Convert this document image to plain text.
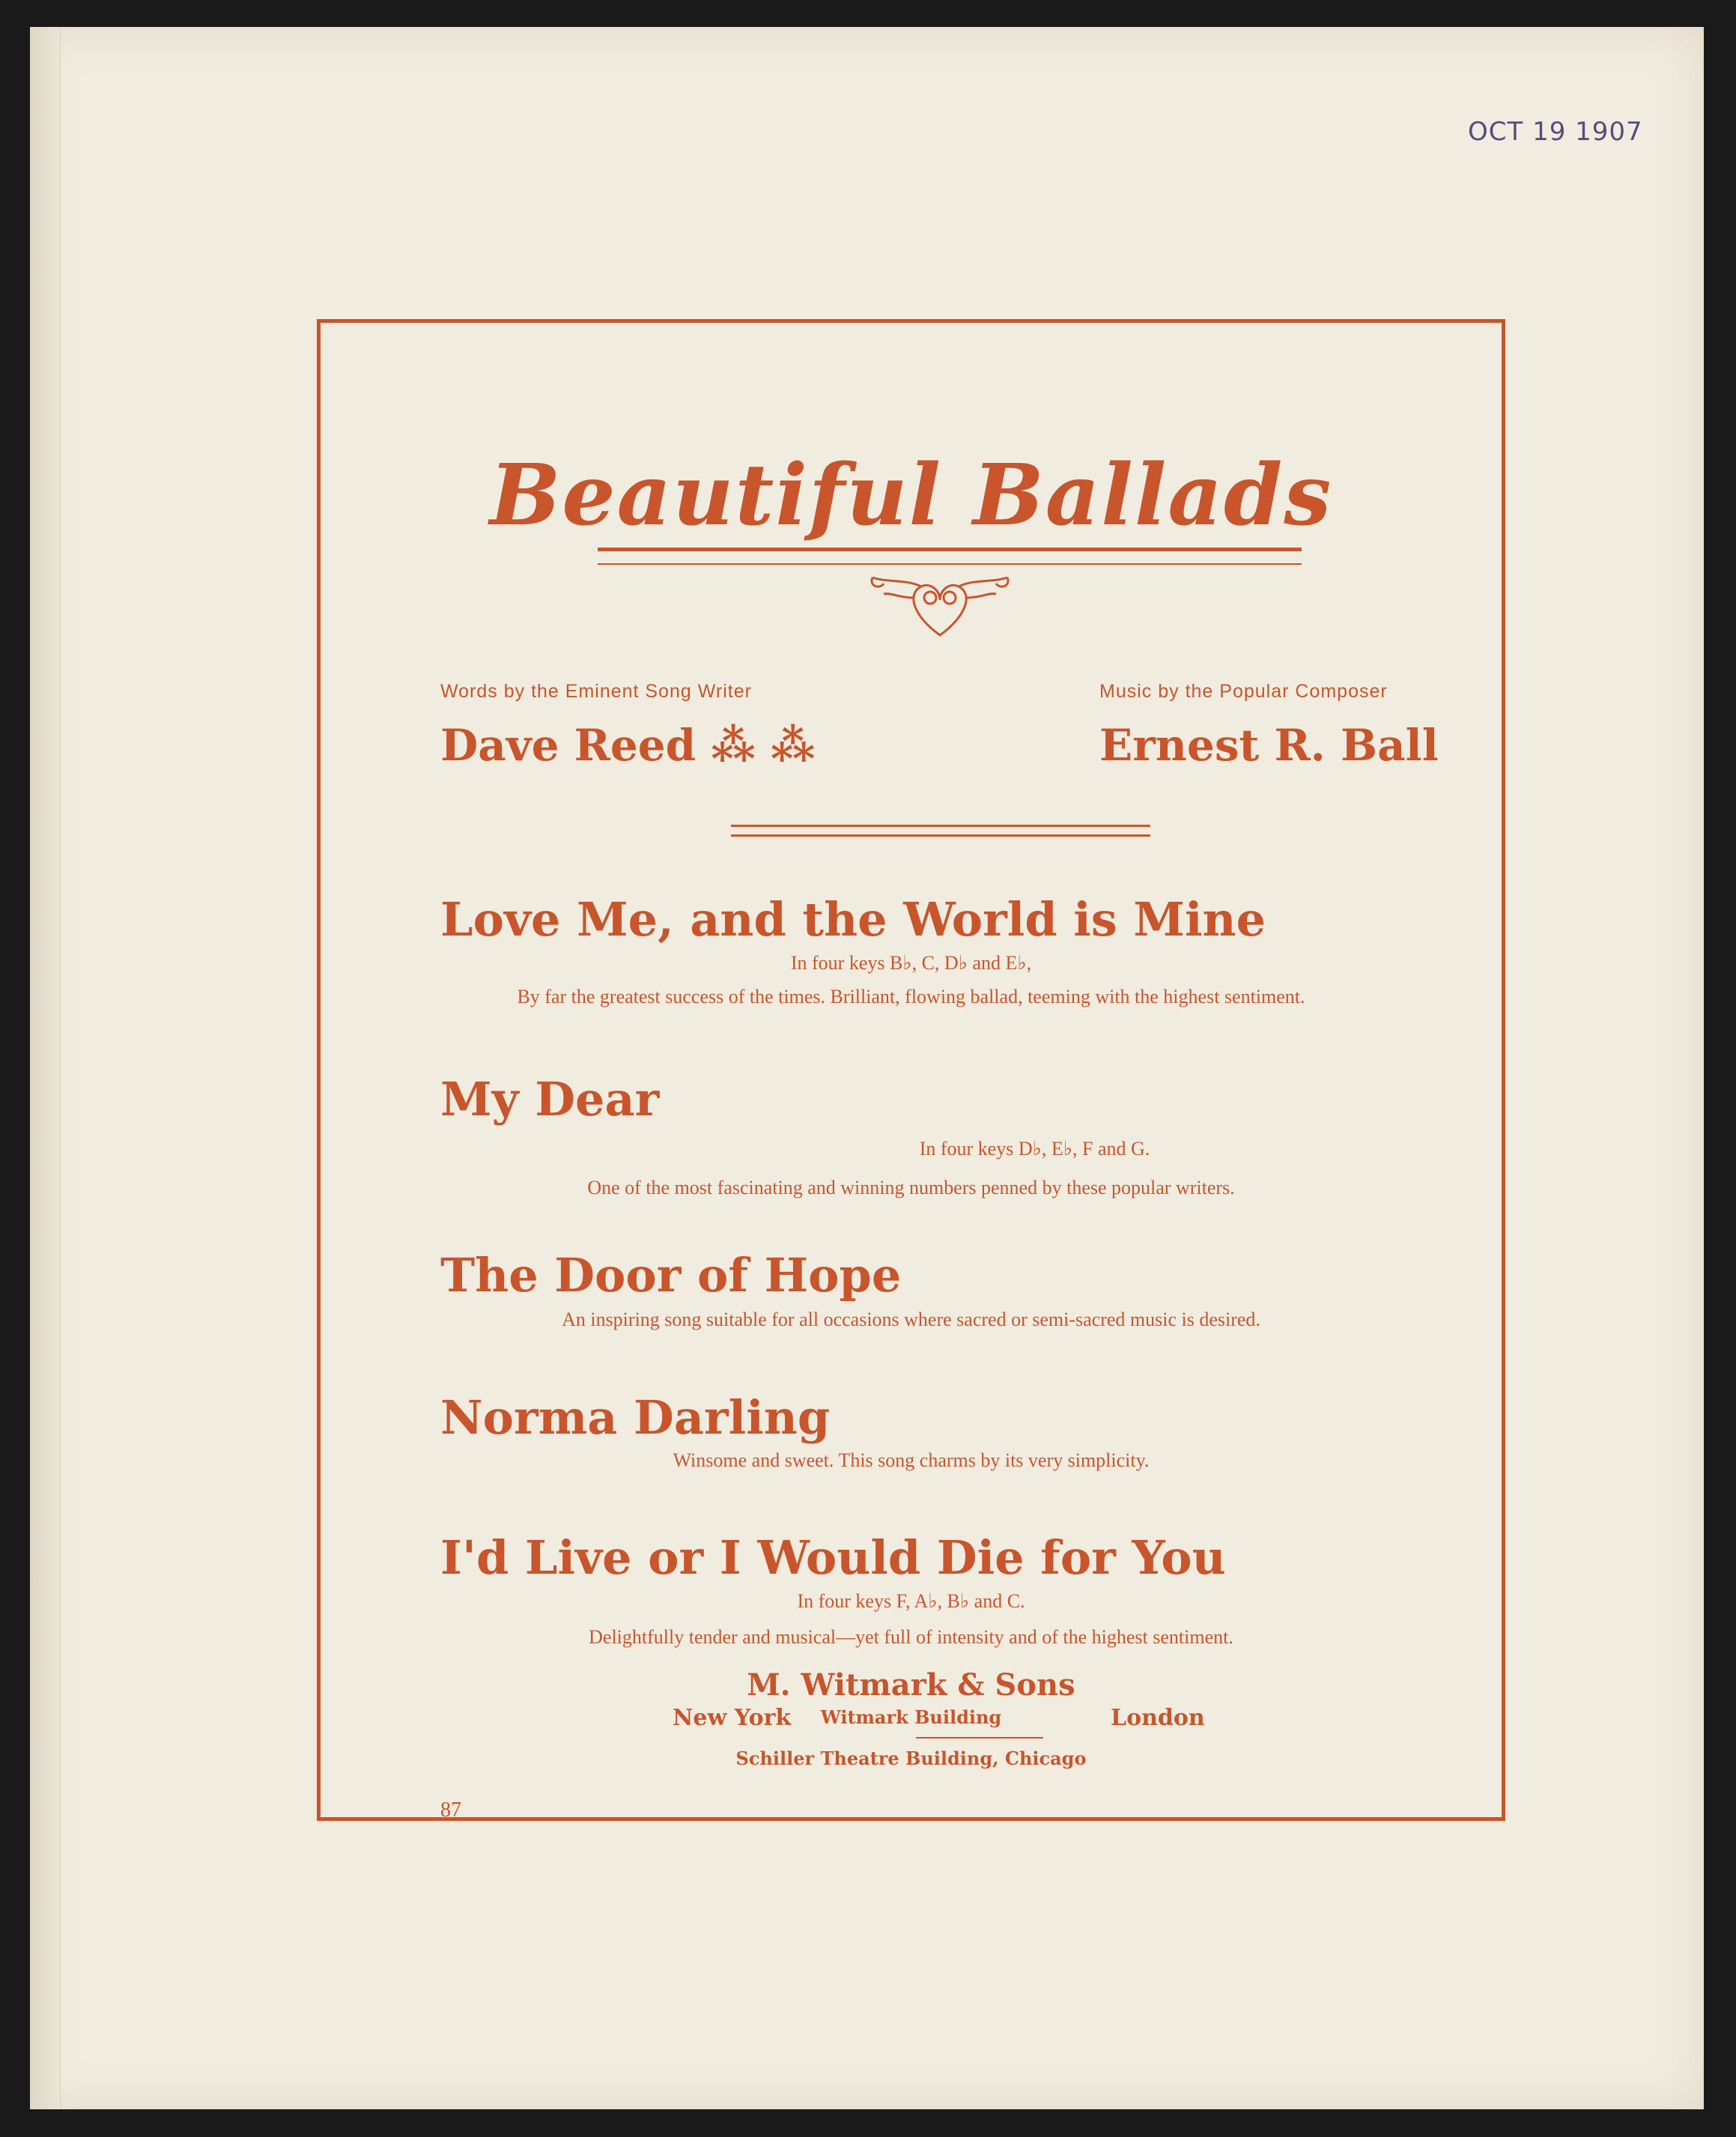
OCT 19 1907
Beautiful Ballads
Words by the Eminent Song Writer
Dave Reed ⁂ ⁂
Music by the Popular Composer
Ernest R. Ball
Love Me, and the World is Mine
In four keys B♭, C, D♭ and E♭,
By far the greatest success of the times. Brilliant, flowing ballad, teeming with the highest sentiment.
My Dear
In four keys D♭, E♭, F and G.
One of the most fascinating and winning numbers penned by these popular writers.
The Door of Hope
An inspiring song suitable for all occasions where sacred or semi-sacred music is desired.
Norma Darling
Winsome and sweet. This song charms by its very simplicity.
I'd Live or I Would Die for You
In four keys F, A♭, B♭ and C.
Delightfully tender and musical—yet full of intensity and of the highest sentiment.
M. Witmark & Sons
New York	Witmark Building	London
Schiller Theatre Building, Chicago
87
